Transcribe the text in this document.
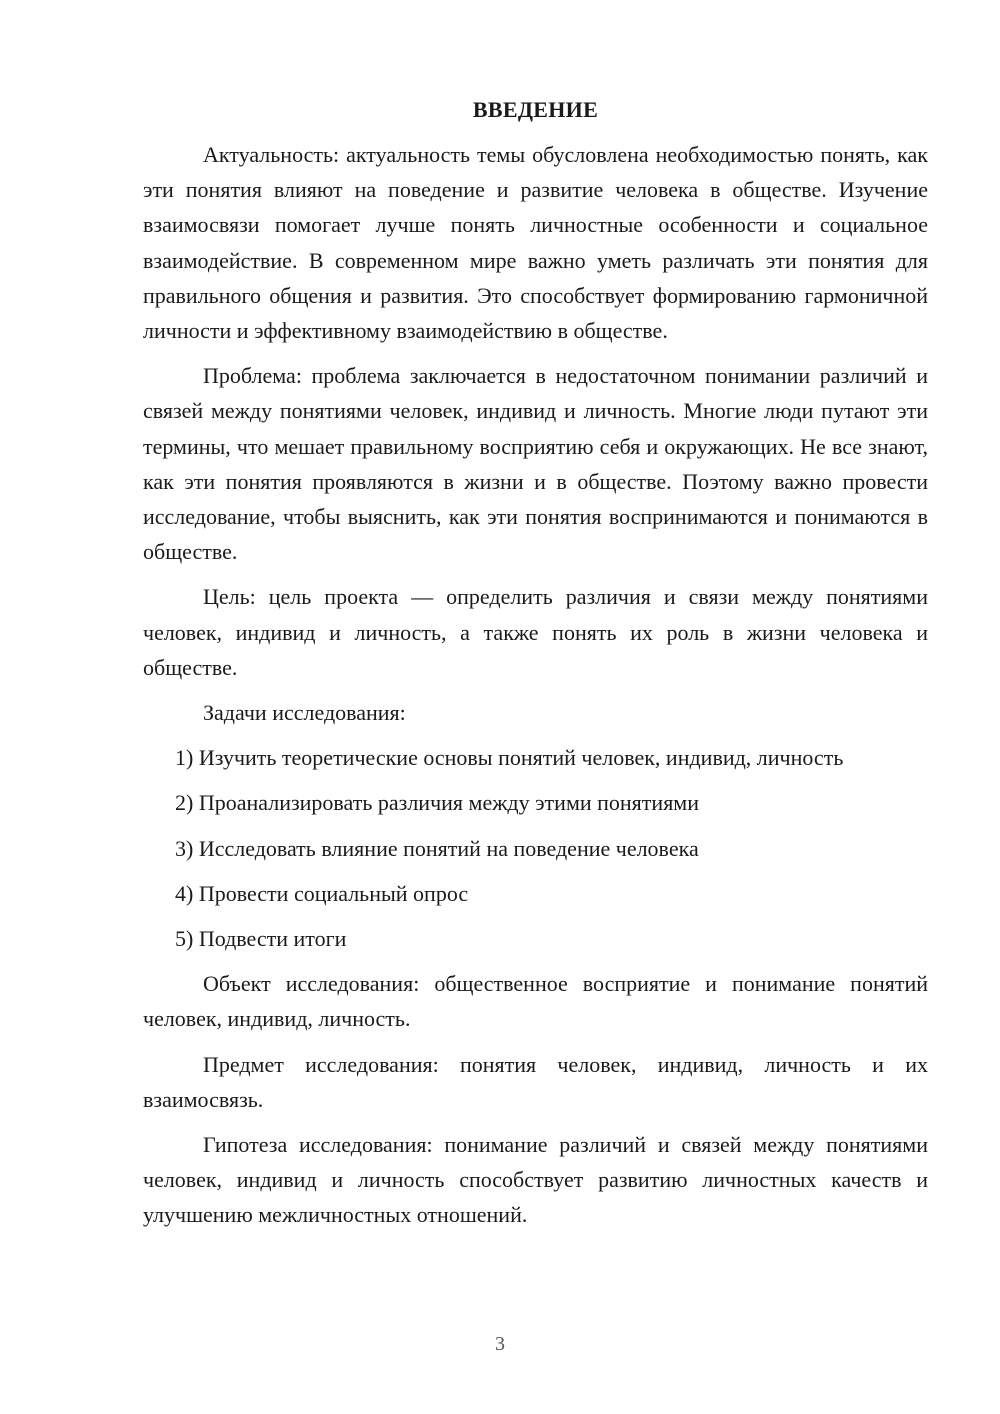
ВВЕДЕНИЕ

Актуальность: актуальность темы обусловлена необходимостью понять, как эти понятия влияют на поведение и развитие человека в обществе. Изучение взаимосвязи помогает лучше понять личностные особенности и социальное взаимодействие. В современном мире важно уметь различать эти понятия для правильного общения и развития. Это способствует формированию гармоничной личности и эффективному взаимодействию в обществе.

Проблема: проблема заключается в недостаточном понимании различий и связей между понятиями человек, индивид и личность. Многие люди путают эти термины, что мешает правильному восприятию себя и окружающих. Не все знают, как эти понятия проявляются в жизни и в обществе. Поэтому важно провести исследование, чтобы выяснить, как эти понятия воспринимаются и понимаются в обществе.

Цель: цель проекта — определить различия и связи между понятиями человек, индивид и личность, а также понять их роль в жизни человека и обществе.

Задачи исследования:

1) Изучить теоретические основы понятий человек, индивид, личность
2) Проанализировать различия между этими понятиями
3) Исследовать влияние понятий на поведение человека
4) Провести социальный опрос
5) Подвести итоги

Объект исследования: общественное восприятие и понимание понятий человек, индивид, личность.

Предмет исследования: понятия человек, индивид, личность и их взаимосвязь.

Гипотеза исследования: понимание различий и связей между понятиями человек, индивид и личность способствует развитию личностных качеств и улучшению межличностных отношений.

3
